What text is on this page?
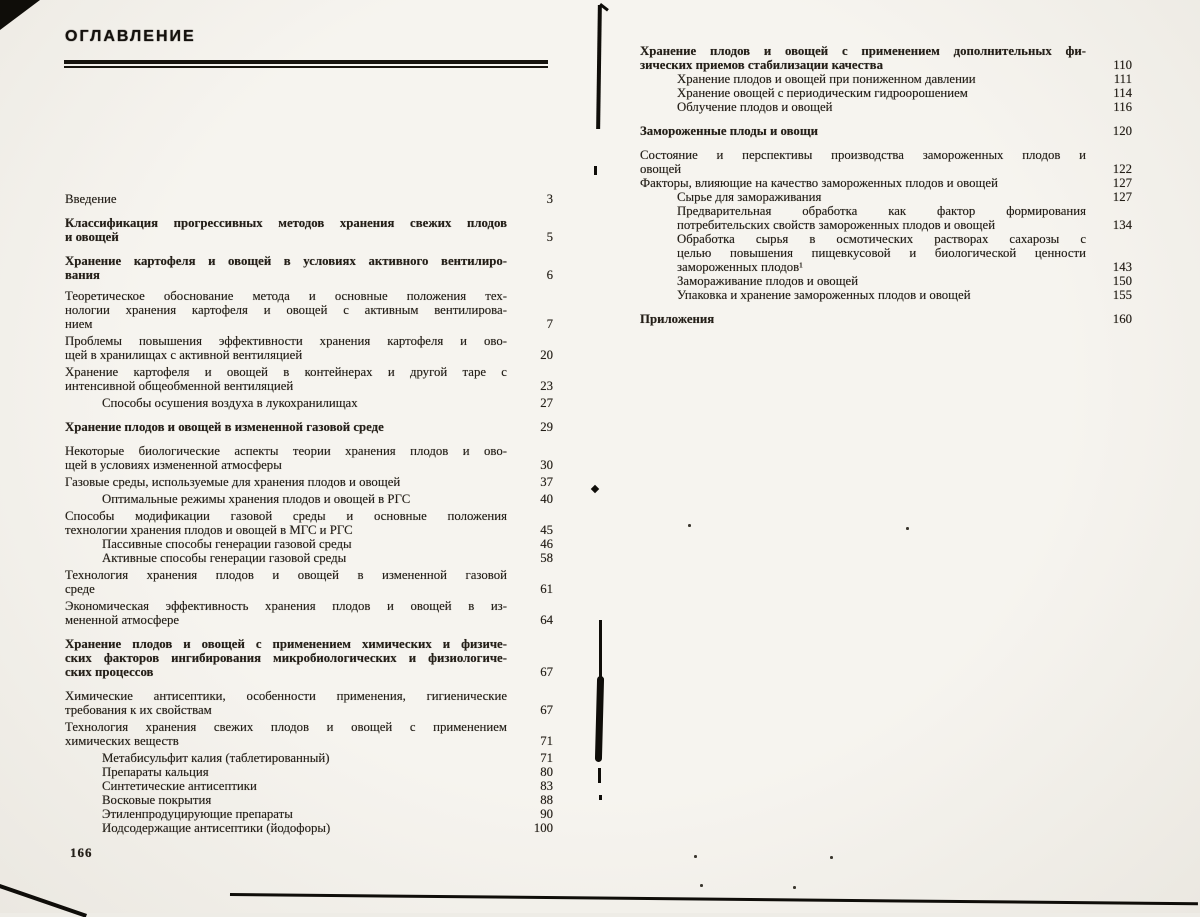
ОГЛАВЛЕНИЕ
Введение	3
Классификация прогрессивных методов хранения свежих плодов
и овощей	5
Хранение картофеля и овощей в условиях активного вентилиро-
вания	6
Теоретическое обоснование метода и основные положения тех-
нологии хранения картофеля и овощей с активным вентилирова-
нием	7
Проблемы повышения эффективности хранения картофеля и ово-
щей в хранилищах с активной вентиляцией	20
Хранение картофеля и овощей в контейнерах и другой таре с
интенсивной общеобменной вентиляцией	23
Способы осушения воздуха в лукохранилищах	27
Хранение плодов и овощей в измененной газовой среде	29
Некоторые биологические аспекты теории хранения плодов и ово-
щей в условиях измененной атмосферы	30
Газовые среды, используемые для хранения плодов и овощей	37
Оптимальные режимы хранения плодов и овощей в РГС	40
Способы модификации газовой среды и основные положения
технологии хранения плодов и овощей в МГС и РГС	45
Пассивные способы генерации газовой среды	46
Активные способы генерации газовой среды	58
Технология хранения плодов и овощей в измененной газовой
среде	61
Экономическая эффективность хранения плодов и овощей в из-
мененной атмосфере	64
Хранение плодов и овощей с применением химических и физиче-
ских факторов ингибирования микробиологических и физиологиче-
ских процессов	67
Химические антисептики, особенности применения, гигиенические
требования к их свойствам	67
Технология хранения свежих плодов и овощей с применением
химических веществ	71
Метабисульфит калия (таблетированный)	71
Препараты кальция	80
Синтетические антисептики	83
Восковые покрытия	88
Этиленпродуцирующие препараты	90
Иодсодержащие антисептики (йодофоры)	100
Хранение плодов и овощей с применением дополнительных фи-
зических приемов стабилизации качества	110
Хранение плодов и овощей при пониженном давлении	111
Хранение овощей с периодическим гидроорошением	114
Облучение плодов и овощей	116
Замороженные плоды и овощи	120
Состояние и перспективы производства замороженных плодов и
овощей	122
Факторы, влияющие на качество замороженных плодов и овощей	127
Сырье для замораживания	127
Предварительная обработка как фактор формирования
потребительских свойств замороженных плодов и овощей	134
Обработка сырья в осмотических растворах сахарозы с
целью повышения пищевкусовой и биологической ценности
замороженных плодов¹	143
Замораживание плодов и овощей	150
Упаковка и хранение замороженных плодов и овощей	155
Приложения	160
166
